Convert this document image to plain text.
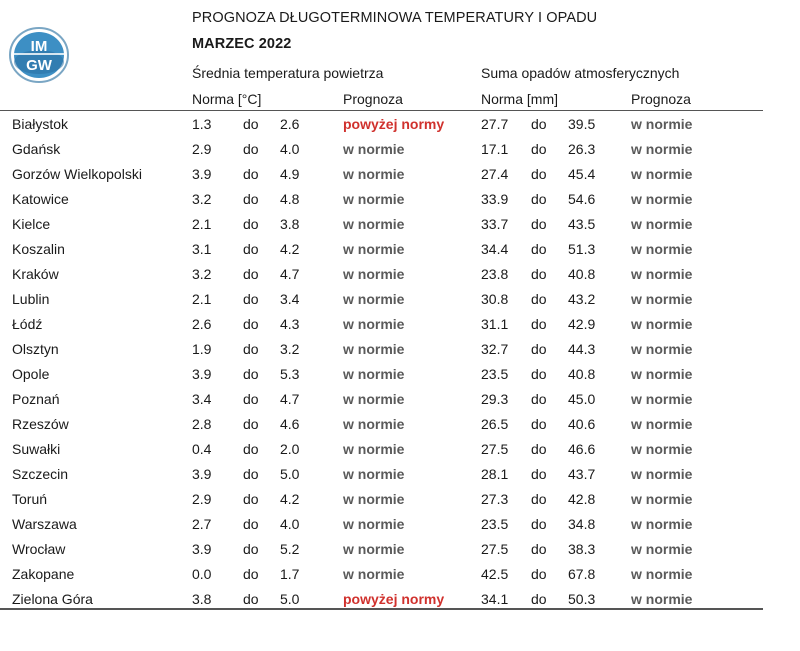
IM
GW
PROGNOZA DŁUGOTERMINOWA TEMPERATURY I OPADU
MARZEC 2022
Średnia temperatura powietrza	Suma opadów atmosferycznych
Norma [°C]	Prognoza	Norma [mm]	Prognoza
Białystok	1.3 do 2.6	powyżej normy	27.7 do 39.5	w normie
Gdańsk	2.9 do 4.0	w normie	17.1 do 26.3	w normie
Gorzów Wielkopolski	3.9 do 4.9	w normie	27.4 do 45.4	w normie
Katowice	3.2 do 4.8	w normie	33.9 do 54.6	w normie
Kielce	2.1 do 3.8	w normie	33.7 do 43.5	w normie
Koszalin	3.1 do 4.2	w normie	34.4 do 51.3	w normie
Kraków	3.2 do 4.7	w normie	23.8 do 40.8	w normie
Lublin	2.1 do 3.4	w normie	30.8 do 43.2	w normie
Łódź	2.6 do 4.3	w normie	31.1 do 42.9	w normie
Olsztyn	1.9 do 3.2	w normie	32.7 do 44.3	w normie
Opole	3.9 do 5.3	w normie	23.5 do 40.8	w normie
Poznań	3.4 do 4.7	w normie	29.3 do 45.0	w normie
Rzeszów	2.8 do 4.6	w normie	26.5 do 40.6	w normie
Suwałki	0.4 do 2.0	w normie	27.5 do 46.6	w normie
Szczecin	3.9 do 5.0	w normie	28.1 do 43.7	w normie
Toruń	2.9 do 4.2	w normie	27.3 do 42.8	w normie
Warszawa	2.7 do 4.0	w normie	23.5 do 34.8	w normie
Wrocław	3.9 do 5.2	w normie	27.5 do 38.3	w normie
Zakopane	0.0 do 1.7	w normie	42.5 do 67.8	w normie
Zielona Góra	3.8 do 5.0	powyżej normy	34.1 do 50.3	w normie
